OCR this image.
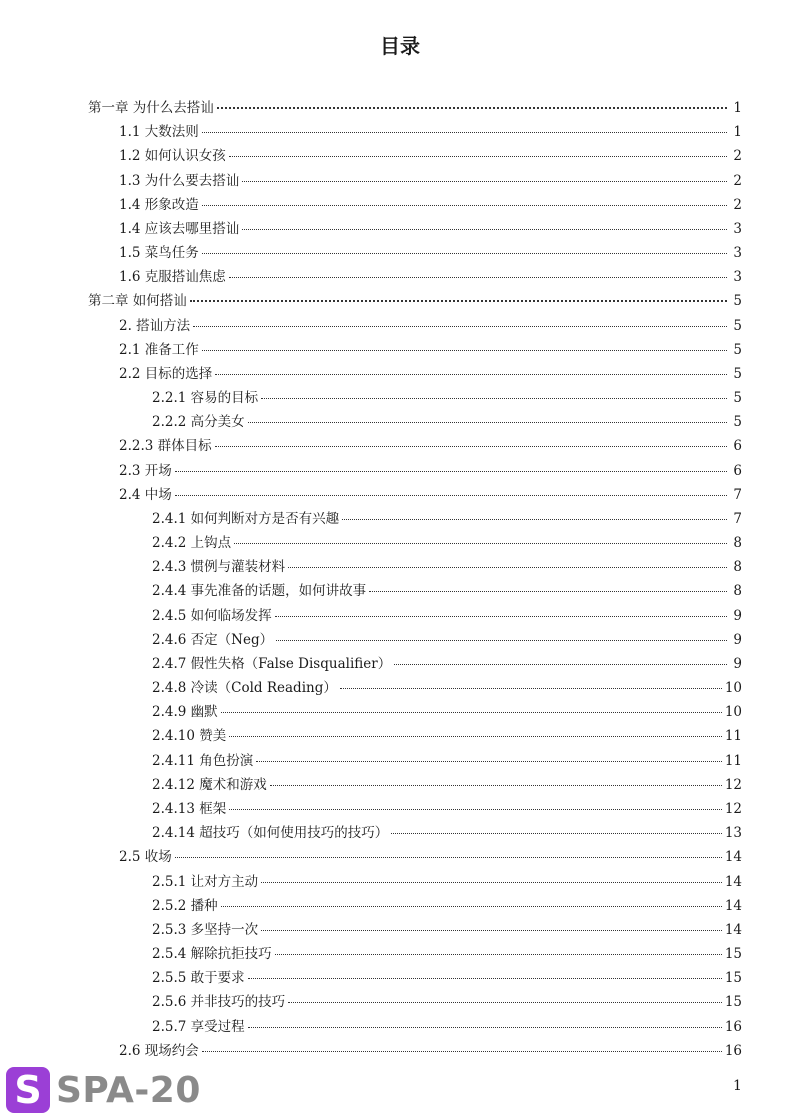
目录
第一章 为什么去搭讪	1
1.1 大数法则	1
1.2 如何认识女孩	2
1.3 为什么要去搭讪	2
1.4 形象改造	2
1.4 应该去哪里搭讪	3
1.5 菜鸟任务	3
1.6 克服搭讪焦虑	3
第二章 如何搭讪	5
2. 搭讪方法	5
2.1 准备工作	5
2.2 目标的选择	5
2.2.1 容易的目标	5
2.2.2 高分美女	5
2.2.3 群体目标	6
2.3 开场	6
2.4 中场	7
2.4.1 如何判断对方是否有兴趣	7
2.4.2 上钩点	8
2.4.3 惯例与灌装材料	8
2.4.4 事先准备的话题，如何讲故事	8
2.4.5 如何临场发挥	9
2.4.6 否定（Neg）	9
2.4.7 假性失格（False Disqualifier）	9
2.4.8 冷读（Cold Reading）	10
2.4.9 幽默	10
2.4.10 赞美	11
2.4.11 角色扮演	11
2.4.12 魔术和游戏	12
2.4.13 框架	12
2.4.14 超技巧（如何使用技巧的技巧）	13
2.5 收场	14
2.5.1 让对方主动	14
2.5.2 播种	14
2.5.3 多坚持一次	14
2.5.4 解除抗拒技巧	15
2.5.5 敢于要求	15
2.5.6 并非技巧的技巧	15
2.5.7 享受过程	16
2.6 现场约会	16
1
S SPA-20
